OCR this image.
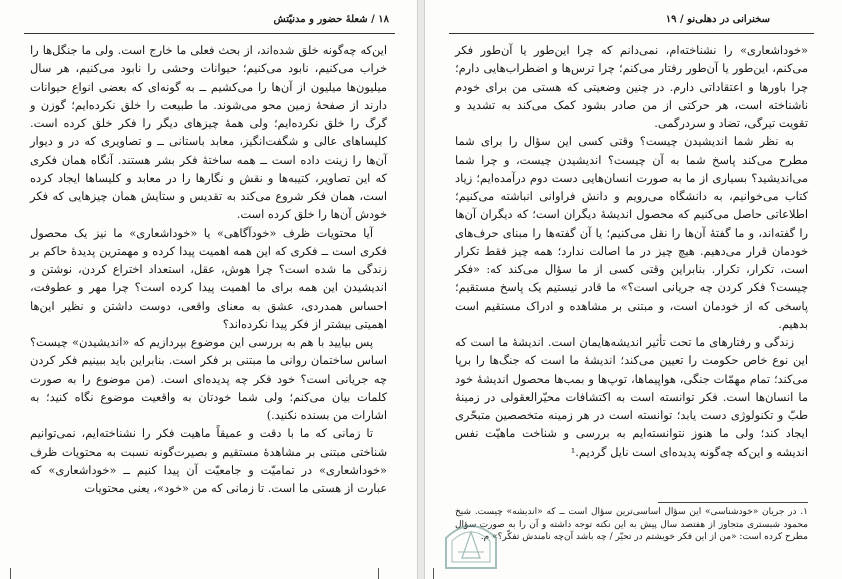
۱۸ / شعلهٔ حضور و مدنیّتش

این‌که چه‌گونه خلق شده‌اند، از بحث فعلی ما خارج است. ولی ما جنگل‌ها را خراب می‌کنیم، نابود می‌کنیم؛ حیوانات وحشی را نابود می‌کنیم، هر سال میلیون‌ها میلیون از آن‌ها را می‌کشیم ــ به گونه‌ای که بعضی انواع حیوانات دارند از صفحهٔ زمین محو می‌شوند. ما طبیعت را خلق نکرده‌ایم؛ گوزن و گرگ را خلق نکرده‌ایم؛ ولی همهٔ چیزهای دیگر را فکر خلق کرده است. کلیساهای عالی و شگفت‌انگیز، معابد باستانی ــ و تصاویری که در و دیوار آن‌ها را زینت داده است ــ همه ساختهٔ فکر بشر هستند. آنگاه همان فکری که این تصاویر، کتیبه‌ها و نقش و نگارها را در معابد و کلیساها ایجاد کرده است، همان فکر شروع می‌کند به تقدیس و ستایش همان چیزهایی که فکر خودش آن‌ها را خلق کرده است.

آیا محتویات ظرف «خودآگاهی» یا «خوداشعاری» ما نیز یک محصول فکری است ــ فکری که این همه اهمیت پیدا کرده و مهمترین پدیدهٔ حاکم بر زندگی ما شده است؟ چرا هوش، عقل، استعداد اختراع کردن، نوشتن و اندیشیدن این همه برای ما اهمیت پیدا کرده است؟ چرا مهر و عطوفت، احساس همدردی، عشق به معنای واقعی، دوست داشتن و نظیر این‌ها اهمیتی بیشتر از فکر پیدا نکرده‌اند؟

پس بیایید با هم به بررسی این موضوع بپردازیم که «اندیشیدن» چیست؟ اساس ساختمان روانی ما مبتنی بر فکر است. بنابراین باید ببینیم فکر کردن چه جریانی است؟ خود فکر چه پدیده‌ای است. (من موضوع را به صورت کلمات بیان می‌کنم؛ ولی شما خودتان به واقعیت موضوع نگاه کنید؛ به اشارات من بسنده نکنید.)

تا زمانی که ما با دقت و عمیقاً ماهیت فکر را نشناخته‌ایم، نمی‌توانیم شناختی مبتنی بر مشاهدهٔ مستقیم و بصیرت‌گونه نسبت به محتویات ظرف «خوداشعاری» در تمامیّت و جامعیّت آن پیدا کنیم ــ «خوداشعاری» که عبارت از هستی ما است. تا زمانی که من «خود»، یعنی محتویات

سخنرانی در دهلی‌نو / ۱۹

«خوداشعاری» را نشناخته‌ام، نمی‌دانم که چرا این‌طور یا آن‌طور فکر می‌کنم، این‌طور یا آن‌طور رفتار می‌کنم؛ چرا ترس‌ها و اضطراب‌هایی دارم؛ چرا باورها و اعتقاداتی دارم. در چنین وضعیتی که هستی من برای خودم ناشناخته است، هر حرکتی از من صادر بشود کمک می‌کند به تشدید و تقویت تیرگی، تضاد و سردرگمی.

به نظر شما اندیشیدن چیست؟ وقتی کسی این سؤال را برای شما مطرح می‌کند پاسخ شما به آن چیست؟ اندیشیدن چیست، و چرا شما می‌اندیشید؟ بسیاری از ما به صورت انسان‌هایی دست دوم درآمده‌ایم؛ زیاد کتاب می‌خوانیم، به دانشگاه می‌رویم و دانش فراوانی انباشته می‌کنیم؛ اطلاعاتی حاصل می‌کنیم که محصول اندیشهٔ دیگران است؛ که دیگران آن‌ها را گفته‌اند، و ما گفتهٔ آن‌ها را نقل می‌کنیم؛ یا آن گفته‌ها را مبنای حرف‌های خودمان قرار می‌دهیم. هیچ چیز در ما اصالت ندارد؛ همه چیز فقط تکرار است، تکرار، تکرار. بنابراین وقتی کسی از ما سؤال می‌کند که: «فکر چیست؟ فکر کردن چه جریانی است؟» ما قادر نیستیم یک پاسخ مستقیم؛ پاسخی که از خودمان است، و مبتنی بر مشاهده و ادراک مستقیم است بدهیم.

زندگی و رفتارهای ما تحت تأثیر اندیشه‌هایمان است. اندیشهٔ ما است که این نوع خاص حکومت را تعیین می‌کند؛ اندیشهٔ ما است که جنگ‌ها را برپا می‌کند؛ تمام مهمّات جنگی، هواپیماها، توپ‌ها و بمب‌ها محصول اندیشهٔ خود ما انسان‌ها است. فکر توانسته است به اکتشافات محیّرالعقولی در زمینهٔ طبّ و تکنولوژی دست یابد؛ توانسته است در هر زمینه متخصصین متبحّری ایجاد کند؛ ولی ما هنوز نتوانسته‌ایم به بررسی و شناخت ماهیّت نفس اندیشه و این‌که چه‌گونه پدیده‌ای است نایل گردیم.¹

۱. در جریان «خودشناسی» این سؤال اساسی‌ترین سؤال است ــ که «اندیشه» چیست. شیخ محمود شبستری متجاوز از هفتصد سال پیش به این نکته توجه داشته و آن را به صورت سؤال مطرح کرده است: «من از این فکر خویشتم در تحیّر / چه باشد آن‌چه نامندش تفکّر؟» م.
